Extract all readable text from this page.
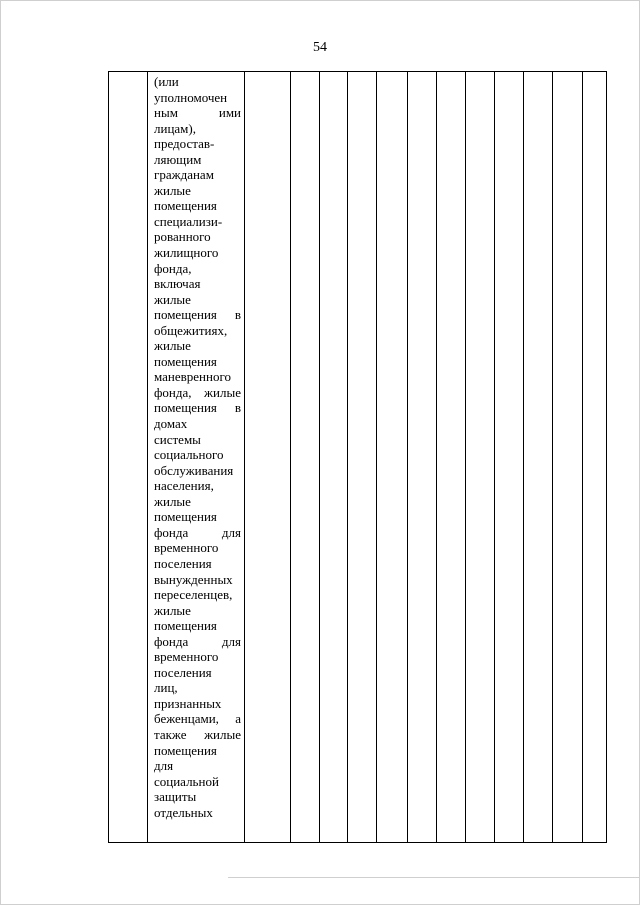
54

(или
уполномочен
ным ими
лицам),
предостав-
ляющим
гражданам
жилые
помещения
специализи-
рованного
жилищного
фонда,
включая
жилые
помещения в
общежитиях,
жилые
помещения
маневренного
фонда, жилые
помещения в
домах
системы
социального
обслуживания
населения,
жилые
помещения
фонда для
временного
поселения
вынужденных
переселенцев,
жилые
помещения
фонда для
временного
поселения
лиц,
признанных
беженцами, а
также жилые
помещения
для
социальной
защиты
отдельных
